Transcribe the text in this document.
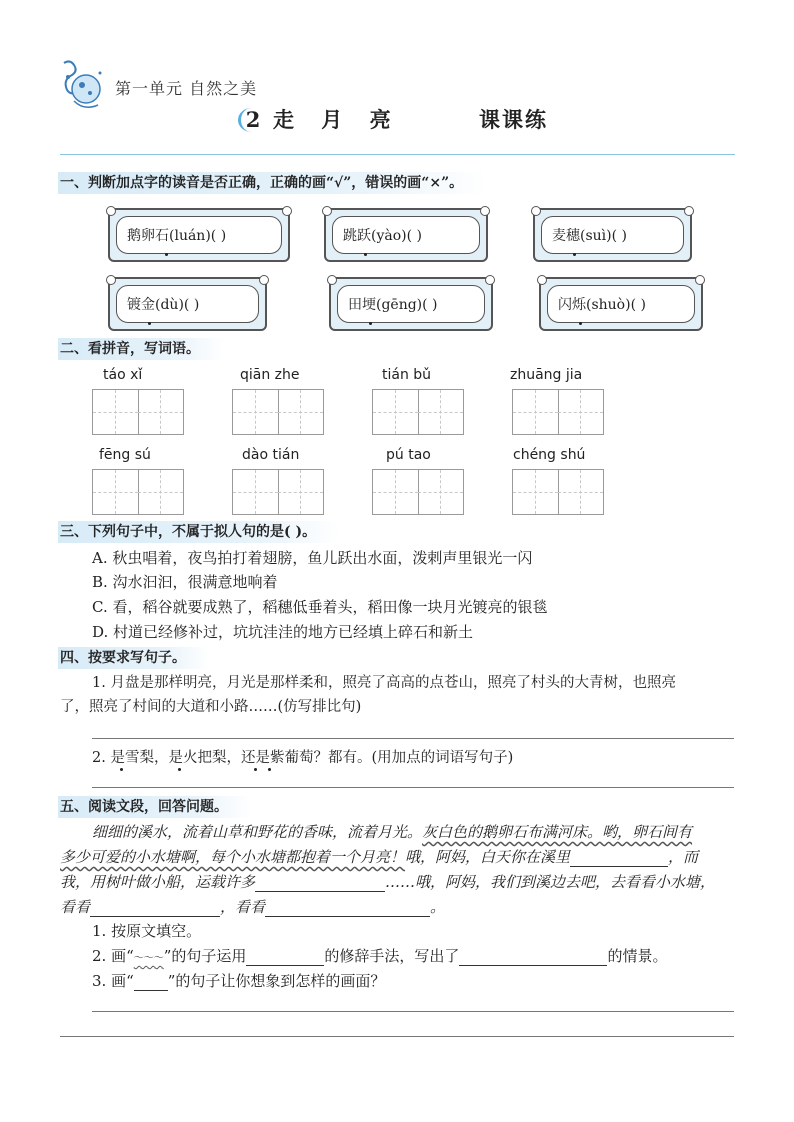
第一单元 自然之美
2 走 月 亮	课课练
一、判断加点字的读音是否正确，正确的画“√”，错误的画“×”。
鹅卵石(luán)( )	跳跃(yào)( )	麦穗(suì)( )
镀金(dù)( )	田埂(gēng)( )	闪烁(shuò)( )
二、看拼音，写词语。
táo xǐ	qiān zhe	tián bǔ	zhuāng jia
fēng sú	dào tián	pú tao	chéng shú
三、下列句子中，不属于拟人句的是( )。
A. 秋虫唱着，夜鸟拍打着翅膀，鱼儿跃出水面，泼剌声里银光一闪
B. 沟水汩汩，很满意地响着
C. 看，稻谷就要成熟了，稻穗低垂着头，稻田像一块月光镀亮的银毯
D. 村道已经修补过，坑坑洼洼的地方已经填上碎石和新土
四、按要求写句子。
1. 月盘是那样明亮，月光是那样柔和，照亮了高高的点苍山，照亮了村头的大青树，也照亮
了，照亮了村间的大道和小路……(仿写排比句)
2. 是雪梨，是火把梨，还是紫葡萄？都有。(用加点的词语写句子)
五、阅读文段，回答问题。
细细的溪水，流着山草和野花的香味，流着月光。灰白色的鹅卵石布满河床。哟，卵石间有
多少可爱的小水塘啊，每个小水塘都抱着一个月亮！哦，阿妈，白天你在溪里	，而
我，用树叶做小船，运载许多	……哦，阿妈，我们到溪边去吧，去看看小水塘，
看看	，看看	。
1. 按原文填空。
2. 画“～～～”的句子运用	的修辞手法，写出了	的情景。
3. 画“ ”的句子让你想象到怎样的画面？
